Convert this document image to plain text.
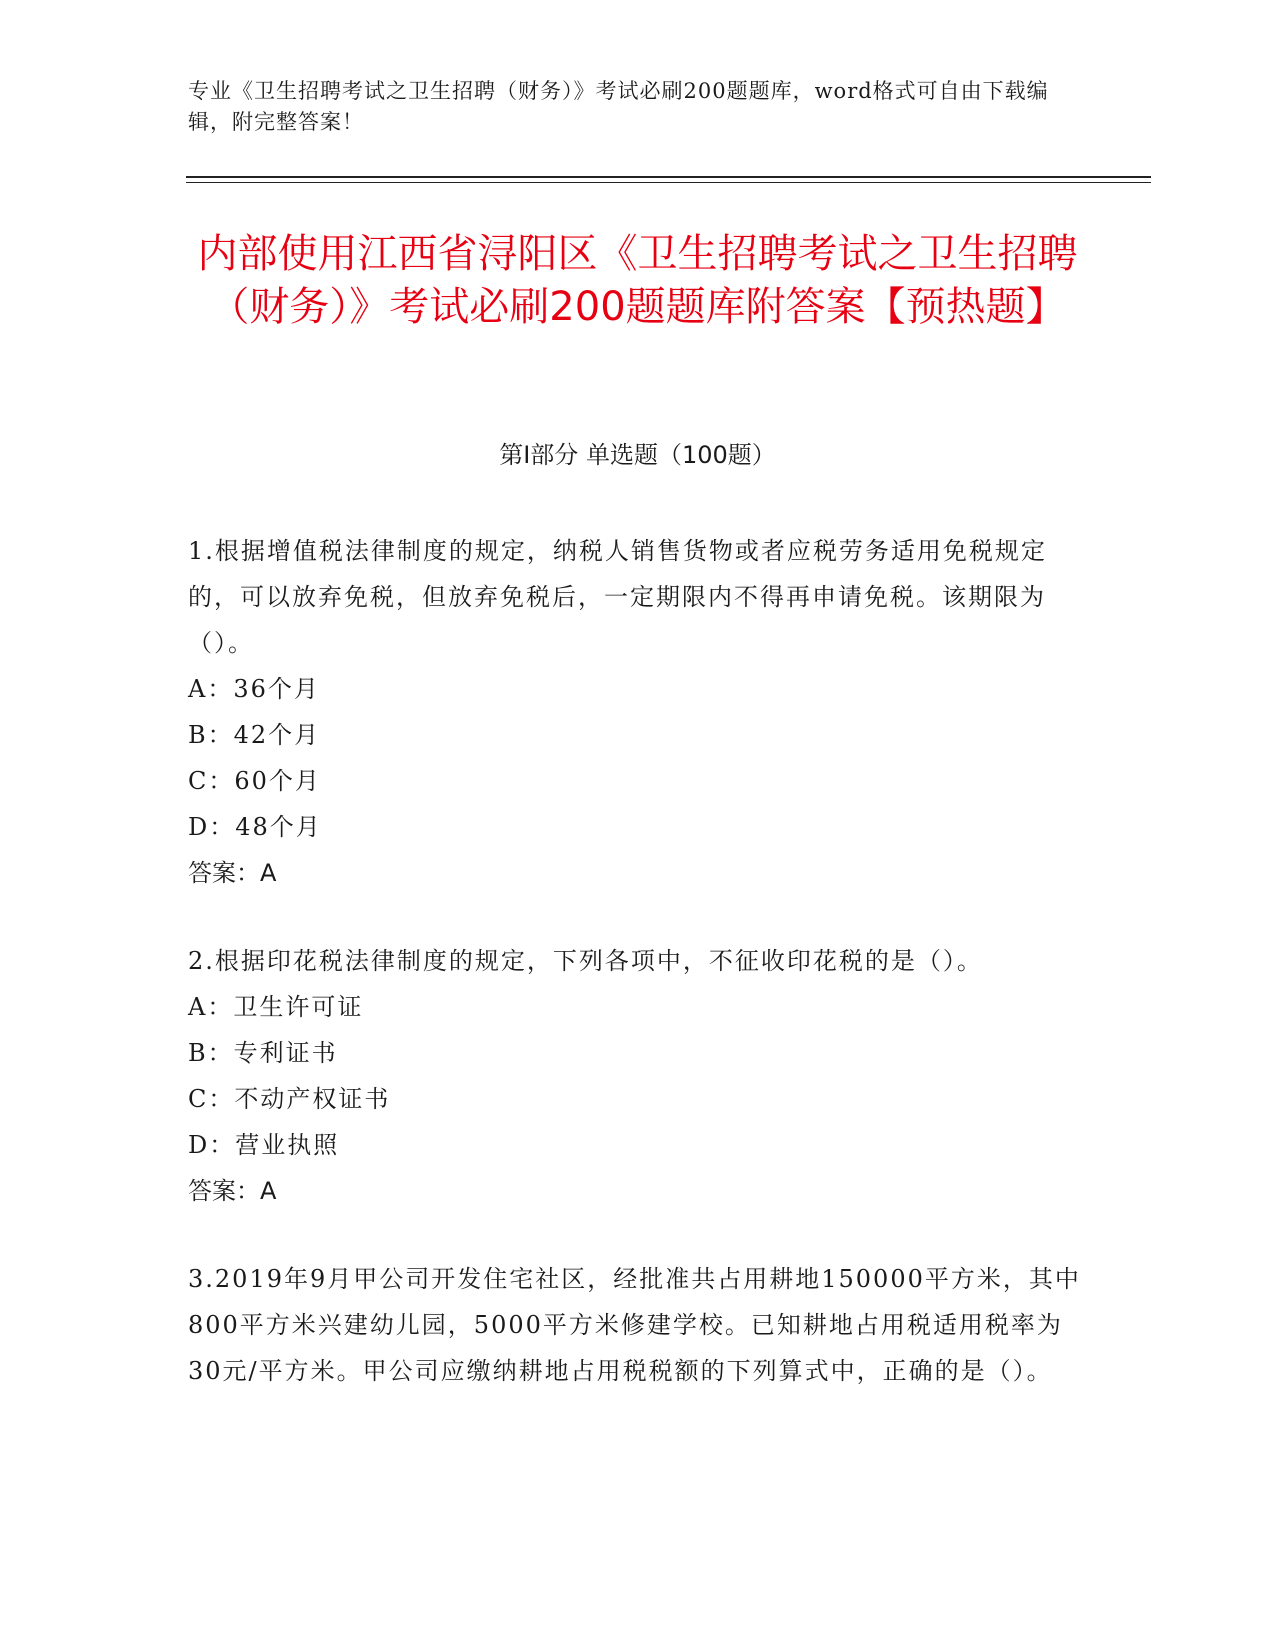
专业《卫生招聘考试之卫生招聘（财务）》考试必刷200题题库，word格式可自由下载编辑，附完整答案！
内部使用江西省浔阳区《卫生招聘考试之卫生招聘（财务）》考试必刷200题题库附答案【预热题】
第I部分 单选题（100题）
1.根据增值税法律制度的规定，纳税人销售货物或者应税劳务适用免税规定的，可以放弃免税，但放弃免税后，一定期限内不得再申请免税。该期限为（）。
A：36个月
B：42个月
C：60个月
D：48个月
答案：A
2.根据印花税法律制度的规定，下列各项中，不征收印花税的是（）。
A：卫生许可证
B：专利证书
C：不动产权证书
D：营业执照
答案：A
3.2019年9月甲公司开发住宅社区，经批准共占用耕地150000平方米，其中800平方米兴建幼儿园，5000平方米修建学校。已知耕地占用税适用税率为30元/平方米。甲公司应缴纳耕地占用税税额的下列算式中，正确的是（）。
